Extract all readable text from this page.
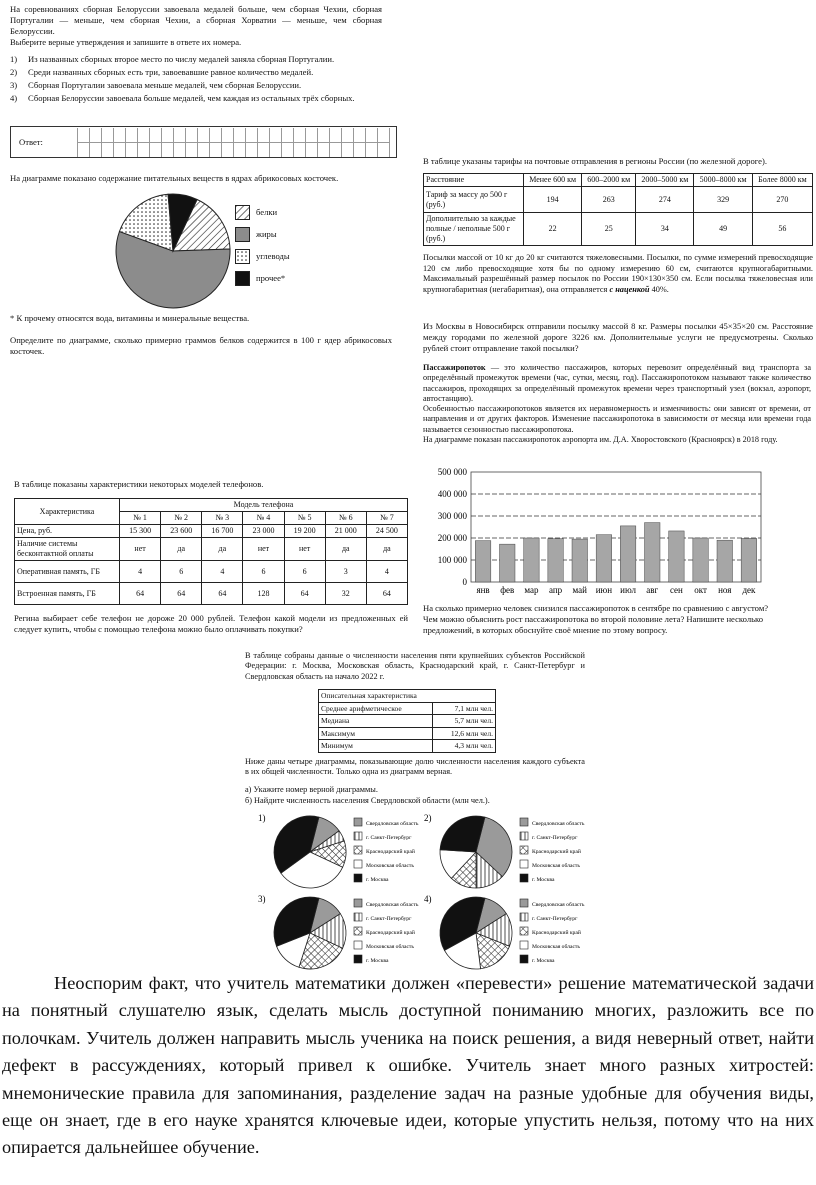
На соревнованиях сборная Белоруссии завоевала медалей больше, чем сборная Чехии, сборная Португалии — меньше, чем сборная Чехии, а сборная Хорватии — меньше, чем сборная Белоруссии.

Выберите верные утверждения и запишите в ответе их номера.

1)	Из названных сборных второе место по числу медалей заняла сборная Португалии.
2)	Среди названных сборных есть три, завоевавшие равное количество медалей.
3)	Сборная Португалии завоевала меньше медалей, чем сборная Белоруссии.
4)	Сборная Белоруссии завоевала больше медалей, чем каждая из остальных трёх сборных.
Ответ:
На диаграмме показано содержание питательных веществ в ядрах абрикосовых косточек.
белки
жиры
углеводы
прочее*
* К прочему относятся вода, витамины и минеральные вещества.
Определите по диаграмме, сколько примерно граммов белков содержится в 100 г ядер абрикосовых косточек.
В таблице указаны тарифы на почтовые отправления в регионы России (по железной дороге).
Расстояние	Менее 600 км	600–2000 км	2000–5000 км	5000–8000 км	Более 8000 км
Тариф за массу до 500 г (руб.)	194	263	274	329	270
Дополнительно за каждые полные / неполные 500 г (руб.)	22	25	34	49	56
Посылки массой от 10 кг до 20 кг считаются тяжеловесными. Посылки, по сумме измерений превосходящие 120 см либо превосходящие хотя бы по одному измерению 60 см, считаются крупногабаритными. Максимальный разрешённый размер посылок по России 190×130×350 см. Если посылка тяжеловесная или крупногабаритная (негабаритная), она отправляется с наценкой 40%.
Из Москвы в Новосибирск отправили посылку массой 8 кг. Размеры посылки 45×35×20 см. Расстояние между городами по железной дороге 3226 км. Дополнительные услуги не предусмотрены. Сколько рублей стоит отправление такой посылки?
Пассажиропоток — это количество пассажиров, которых перевозит определённый вид транспорта за определённый промежуток времени (час, сутки, месяц, год). Пассажиропотоком называют также количество пассажиров, проходящих за определённый промежуток времени через транспортный узел (вокзал, аэропорт, автостанцию).

Особенностью пассажиропотоков является их неравномерность и изменчивость: они зависят от времени, от направления и от других факторов. Изменение пассажиропотока в зависимости от месяца или времени года называется сезонностью пассажиропотока.

На диаграмме показан пассажиропоток аэропорта им. Д.А. Хворостовского (Красноярск) в 2018 году.

500 000
400 000
300 000
200 000
100 000
0
янв фев мар апр май июн июл авг сен окт ноя дек

На сколько примерно человек снизился пассажиропоток в сентябре по сравнению с августом?

Чем можно объяснить рост пассажиропотока во второй половине лета? Напишите несколько предложений, в которых обоснуйте своё мнение по этому вопросу.

В таблице показаны характеристики некоторых моделей телефонов.
Характеристика	Модель телефона						
	№ 1	№ 2	№ 3	№ 4	№ 5	№ 6	№ 7
Цена, руб.	15 300	23 600	16 700	23 000	19 200	21 000	24 500
Наличие системы бесконтактной оплаты	нет	да	да	нет	нет	да	да
Оперативная память, ГБ	4	6	4	6	6	3	4
Встроенная память, ГБ	64	64	64	128	64	32	64
Регина выбирает себе телефон не дороже 20 000 рублей. Телефон какой модели из предложенных ей следует купить, чтобы с помощью телефона можно было оплачивать покупки?
В таблице собраны данные о численности населения пяти крупнейших субъектов Российской Федерации: г. Москва, Московская область, Краснодарский край, г. Санкт-Петербург и Свердловская область на начало 2022 г.
Описательная характеристика	
Среднее арифметическое	7,1 млн чел.
Медиана	5,7 млн чел.
Максимум	12,6 млн чел.
Минимум	4,3 млн чел.
Ниже даны четыре диаграммы, показывающие долю численности населения каждого субъекта в их общей численности. Только одна из диаграмм верная.

а) Укажите номер верной диаграммы.

б) Найдите численность населения Свердловской области (млн чел.).

1)
Свердловская область
г. Санкт-Петербург
Краснодарский край
Московская область
г. Москва
2)
Свердловская область
г. Санкт-Петербург
Краснодарский край
Московская область
г. Москва
3)
Свердловская область
г. Санкт-Петербург
Краснодарский край
Московская область
г. Москва
4)
Свердловская область
г. Санкт-Петербург
Краснодарский край
Московская область
г. Москва
Неоспорим факт, что учитель математики должен «перевести» решение математической задачи на понятный слушателю язык, сделать мысль доступной пониманию многих, разложить все по полочкам. Учитель должен направить мысль ученика на поиск решения, а видя неверный ответ, найти дефект в рассуждениях, который привел к ошибке. Учитель знает много разных хитростей: мнемонические правила для запоминания, разделение задач на разные удобные для обучения виды, еще он знает, где в его науке хранятся ключевые идеи, которые упустить нельзя, потому что на них опирается дальнейшее обучение.
